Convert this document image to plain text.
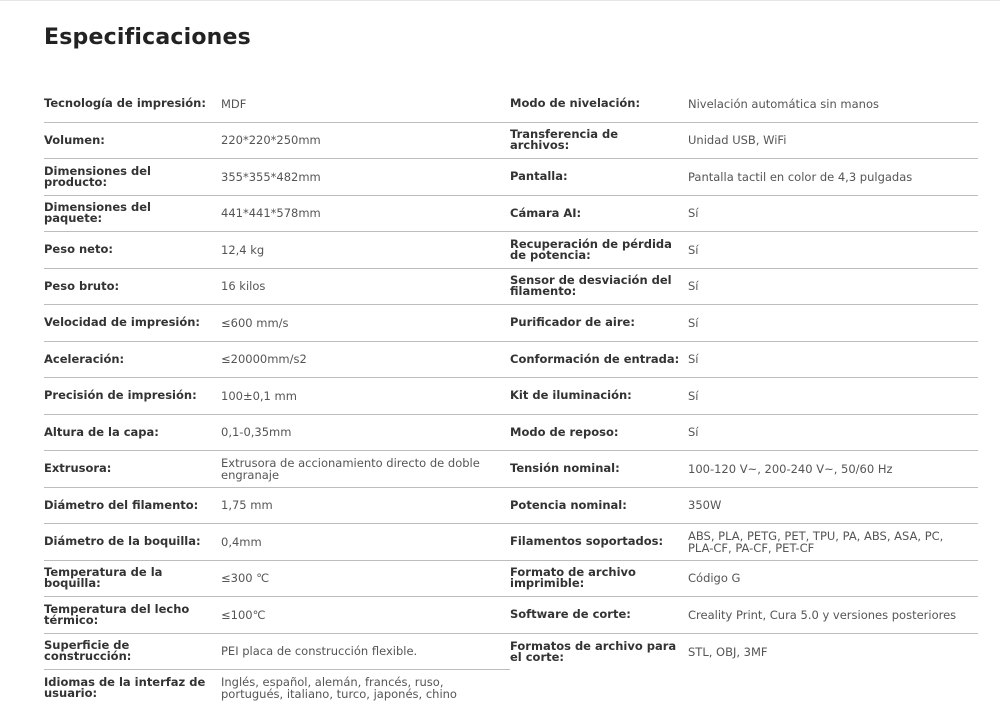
Especificaciones
Tecnología de impresión:	MDF
Volumen:	220*220*250mm
Dimensiones del producto:	355*355*482mm
Dimensiones del paquete:	441*441*578mm
Peso neto:	12,4 kg
Peso bruto:	16 kilos
Velocidad de impresión:	≤600 mm/s
Aceleración:	≤20000mm/s2
Precisión de impresión:	100±0,1 mm
Altura de la capa:	0,1-0,35mm
Extrusora:	Extrusora de accionamiento directo de doble engranaje
Diámetro del filamento:	1,75 mm
Diámetro de la boquilla:	0,4mm
Temperatura de la boquilla:	≤300 ℃
Temperatura del lecho térmico:	≤100℃
Superficie de construcción:	PEI placa de construcción flexible.
Idiomas de la interfaz de usuario:
Inglés, español, alemán, francés, ruso, portugués, italiano, turco, japonés, chino
Modo de nivelación:	Nivelación automática sin manos
Transferencia de archivos:	Unidad USB, WiFi
Pantalla:	Pantalla tactil en color de 4,3 pulgadas
Cámara AI:	Sí
Recuperación de pérdida de potencia:	Sí
Sensor de desviación del filamento:	Sí
Purificador de aire:	Sí
Conformación de entrada: Sí
Kit de iluminación:	Sí
Modo de reposo:	Sí
Tensión nominal:	100-120 V~, 200-240 V~, 50/60 Hz
Potencia nominal:	350W
Filamentos soportados:	ABS, PLA, PETG, PET, TPU, PA, ABS, ASA, PC, PLA-CF, PA-CF, PET-CF
Formato de archivo imprimible:	Código G
Software de corte:	Creality Print, Cura 5.0 y versiones posteriores
Formatos de archivo para el corte:	STL, OBJ, 3MF
